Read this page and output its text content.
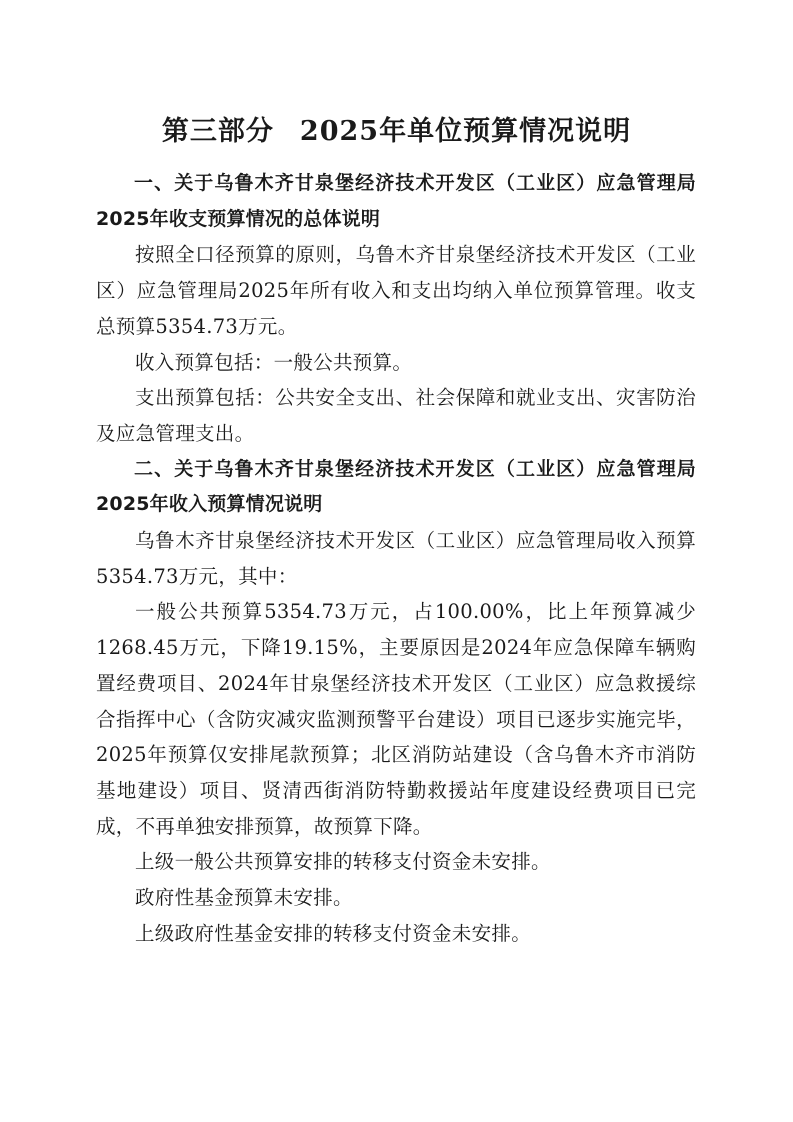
第三部分 2025年单位预算情况说明

一、关于乌鲁木齐甘泉堡经济技术开发区（工业区）应急管理局2025年收支预算情况的总体说明

按照全口径预算的原则，乌鲁木齐甘泉堡经济技术开发区（工业区）应急管理局2025年所有收入和支出均纳入单位预算管理。收支总预算5354.73万元。

收入预算包括：一般公共预算。

支出预算包括：公共安全支出、社会保障和就业支出、灾害防治及应急管理支出。

二、关于乌鲁木齐甘泉堡经济技术开发区（工业区）应急管理局2025年收入预算情况说明

乌鲁木齐甘泉堡经济技术开发区（工业区）应急管理局收入预算5354.73万元，其中：

一般公共预算5354.73万元，占100.00%，比上年预算减少1268.45万元，下降19.15%，主要原因是2024年应急保障车辆购置经费项目、2024年甘泉堡经济技术开发区（工业区）应急救援综合指挥中心（含防灾减灾监测预警平台建设）项目已逐步实施完毕，2025年预算仅安排尾款预算；北区消防站建设（含乌鲁木齐市消防基地建设）项目、贤清西街消防特勤救援站年度建设经费项目已完成，不再单独安排预算，故预算下降。

上级一般公共预算安排的转移支付资金未安排。

政府性基金预算未安排。

上级政府性基金安排的转移支付资金未安排。
